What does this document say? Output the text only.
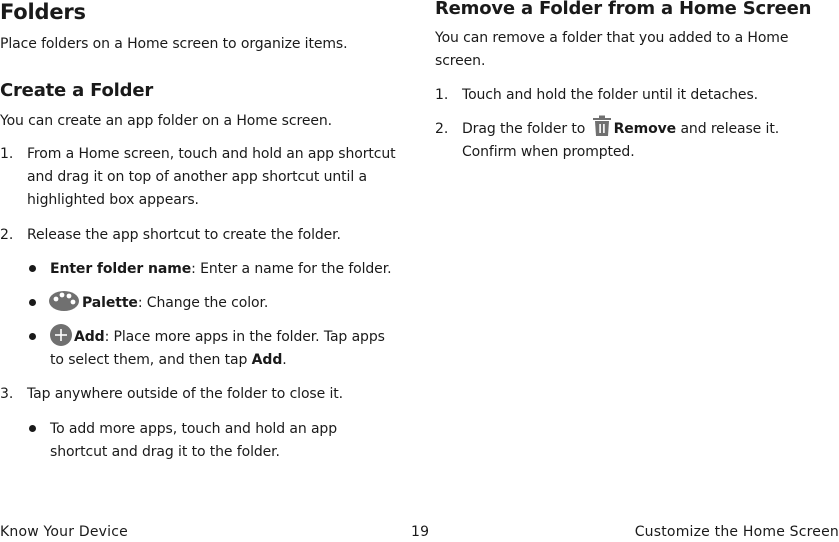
Folders

Place folders on a Home screen to organize items.

Create a Folder

You can create an app folder on a Home screen.

1. From a Home screen, touch and hold an app shortcut and drag it on top of another app shortcut until a highlighted box appears.

2. Release the app shortcut to create the folder.

Enter folder name: Enter a name for the folder.

Palette: Change the color.

Add: Place more apps in the folder. Tap apps

to select them, and then tap Add.

3. Tap anywhere outside of the folder to close it.

To add more apps, touch and hold an app shortcut and drag it to the folder.

Remove a Folder from a Home Screen

You can remove a folder that you added to a Home screen.

1. Touch and hold the folder until it detaches.

2. Drag the folder to Remove and release it. Confirm when prompted.

Know Your Device	19	Customize the Home Screen
